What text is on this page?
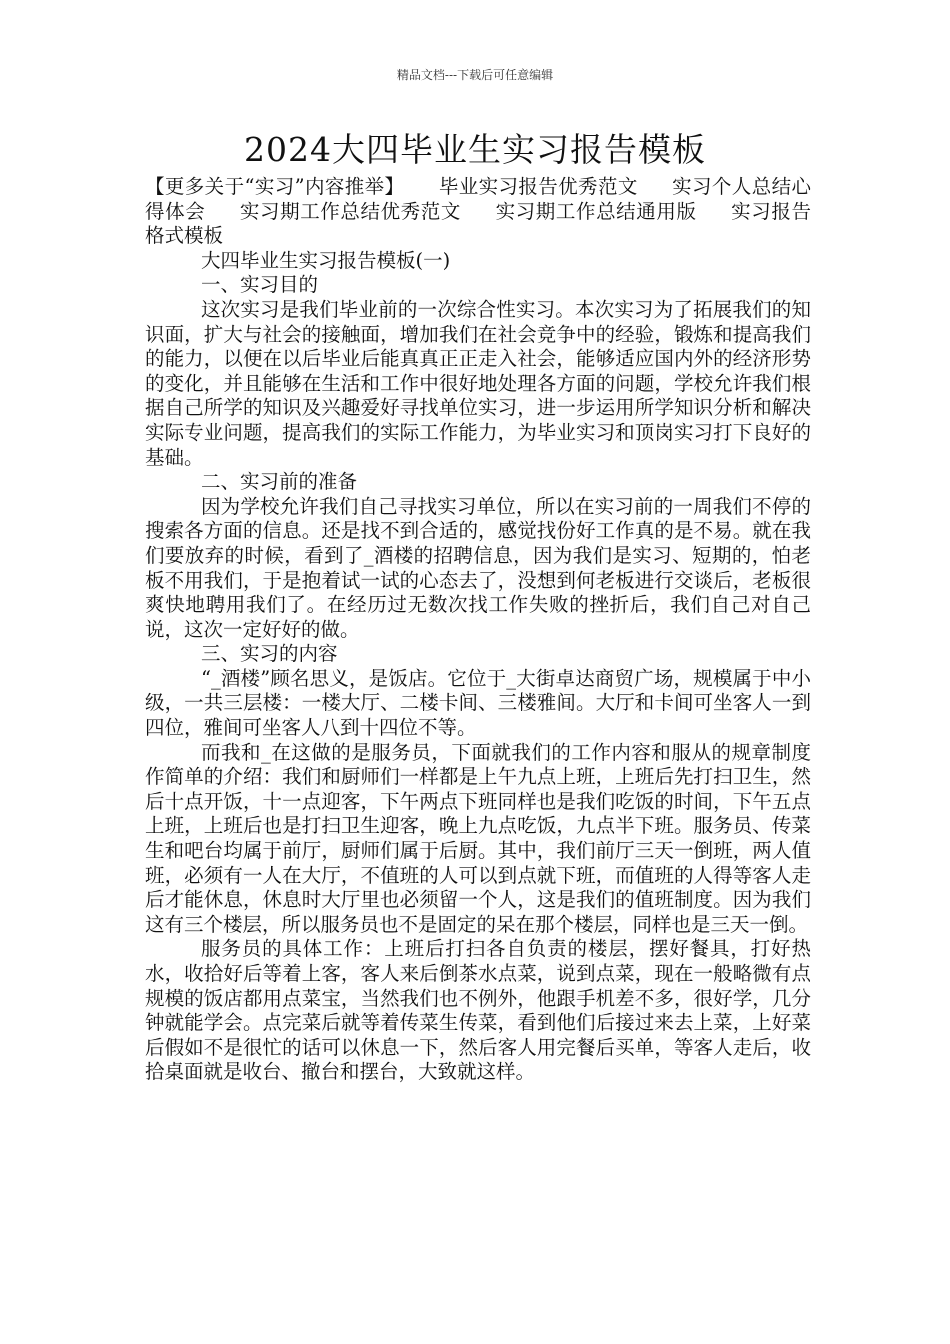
精品文档---下载后可任意编辑
2024大四毕业生实习报告模板

【更多关于“实习”内容推举】 毕业实习报告优秀范文 实习个人总结心得体会 实习期工作总结优秀范文 实习期工作总结通用版 实习报告格式模板

大四毕业生实习报告模板(一)

一、实习目的

这次实习是我们毕业前的一次综合性实习。本次实习为了拓展我们的知识面，扩大与社会的接触面，增加我们在社会竞争中的经验，锻炼和提高我们的能力，以便在以后毕业后能真真正正走入社会，能够适应国内外的经济形势的变化，并且能够在生活和工作中很好地处理各方面的问题，学校允许我们根据自己所学的知识及兴趣爱好寻找单位实习，进一步运用所学知识分析和解决实际专业问题，提高我们的实际工作能力，为毕业实习和顶岗实习打下良好的基础。

二、实习前的准备

因为学校允许我们自己寻找实习单位，所以在实习前的一周我们不停的搜索各方面的信息。还是找不到合适的，感觉找份好工作真的是不易。就在我们要放弃的时候，看到了_酒楼的招聘信息，因为我们是实习、短期的，怕老板不用我们，于是抱着试一试的心态去了，没想到何老板进行交谈后，老板很爽快地聘用我们了。在经历过无数次找工作失败的挫折后，我们自己对自己说，这次一定好好的做。

三、实习的内容

“_酒楼”顾名思义，是饭店。它位于_大街卓达商贸广场，规模属于中小级，一共三层楼：一楼大厅、二楼卡间、三楼雅间。大厅和卡间可坐客人一到四位，雅间可坐客人八到十四位不等。

而我和_在这做的是服务员，下面就我们的工作内容和服从的规章制度作简单的介绍：我们和厨师们一样都是上午九点上班，上班后先打扫卫生，然后十点开饭，十一点迎客，下午两点下班同样也是我们吃饭的时间，下午五点上班，上班后也是打扫卫生迎客，晚上九点吃饭，九点半下班。服务员、传菜生和吧台均属于前厅，厨师们属于后厨。其中，我们前厅三天一倒班，两人值班，必须有一人在大厅，不值班的人可以到点就下班，而值班的人得等客人走后才能休息，休息时大厅里也必须留一个人，这是我们的值班制度。因为我们这有三个楼层，所以服务员也不是固定的呆在那个楼层，同样也是三天一倒。

服务员的具体工作：上班后打扫各自负责的楼层，摆好餐具，打好热水，收拾好后等着上客，客人来后倒茶水点菜，说到点菜，现在一般略微有点规模的饭店都用点菜宝，当然我们也不例外，他跟手机差不多，很好学，几分钟就能学会。点完菜后就等着传菜生传菜，看到他们后接过来去上菜，上好菜后假如不是很忙的话可以休息一下，然后客人用完餐后买单，等客人走后，收拾桌面就是收台、撤台和摆台，大致就这样。
